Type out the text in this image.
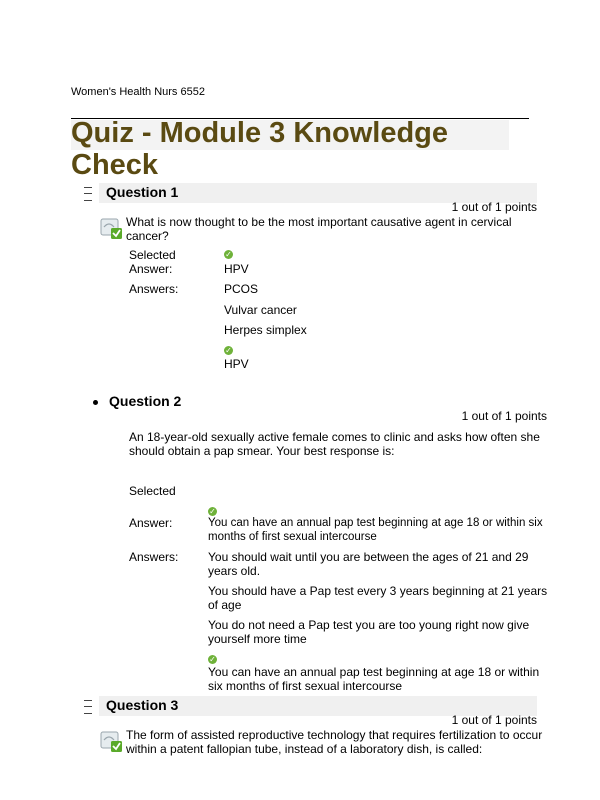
Women's Health Nurs 6552
Quiz - Module 3 Knowledge
Check
Question 1
1 out of 1 points
What is now thought to be the most important causative agent in cervical
cancer?
Selected
Answer:
✓
HPV
Answers:	PCOS
Vulvar cancer
Herpes simplex
✓
HPV
Question 2
1 out of 1 points
An 18-year-old sexually active female comes to clinic and asks how often she
should obtain a pap smear. Your best response is:
Selected
✓
Answer:	You can have an annual pap test beginning at age 18 or within six
months of first sexual intercourse
Answers: You should wait until you are between the ages of 21 and 29
years old.
You should have a Pap test every 3 years beginning at 21 years
of age
You do not need a Pap test you are too young right now give
yourself more time
✓
You can have an annual pap test beginning at age 18 or within
six months of first sexual intercourse
Question 3
1 out of 1 points
The form of assisted reproductive technology that requires fertilization to occur
within a patent fallopian tube, instead of a laboratory dish, is called:
